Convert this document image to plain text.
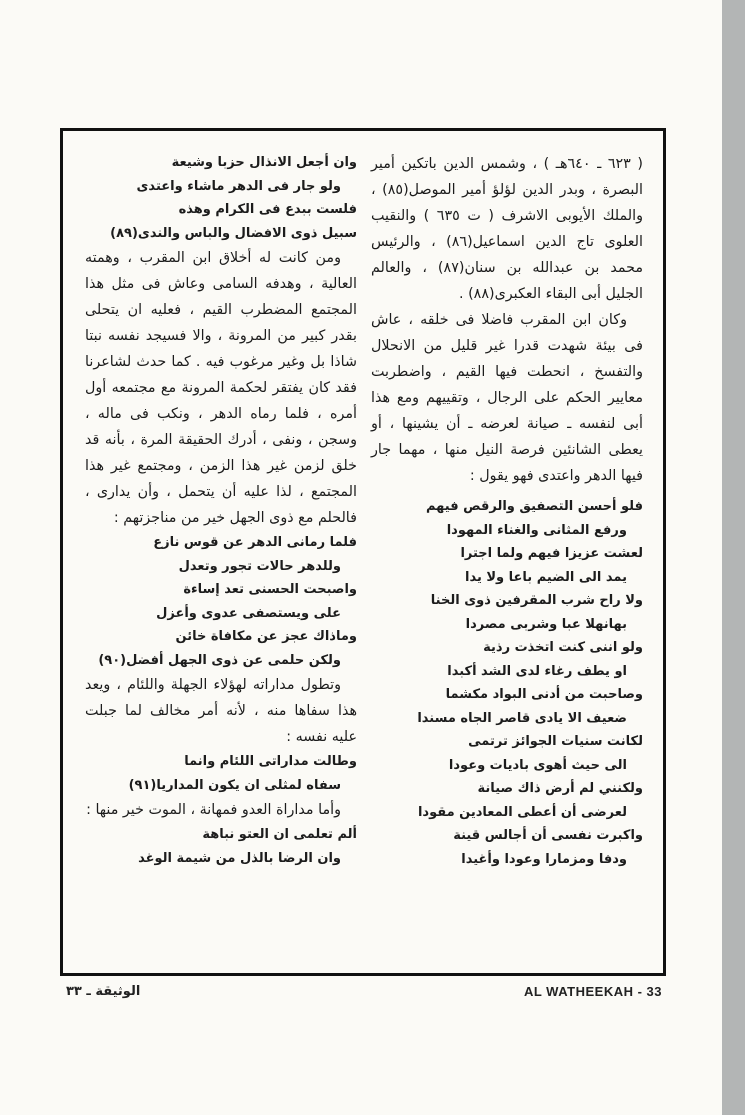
( ٦٢٣ ـ ٦٤٠هـ ) ، وشمس الدين باتكين أمير البصرة ، وبدر الدين لؤلؤ أمير الموصل(٨٥) ، والملك الأيوبى الاشرف ( ت ٦٣٥ ) والنقيب العلوى تاج الدين اسماعيل(٨٦) ، والرئيس محمد بن عبدالله بن سنان(٨٧) ، والعالم الجليل أبى البقاء العكبرى(٨٨) .

وكان ابن المقرب فاضلا فى خلقه ، عاش فى بيئة شهدت قدرا غير قليل من الانحلال والتفسخ ، انحطت فيها القيم ، واضطربت معايير الحكم على الرجال ، وتقييهم ومع هذا أبى لنفسه ـ صيانة لعرضه ـ أن يشينها ، أو يعطى الشانئين فرصة النيل منها ، مهما جار فيها الدهر واعتدى فهو يقول :

فلو أحسن التصفيق والرقص فيهم
ورفع المثانى والغناء المهودا
لعشت عزيزا فيهم ولما اجترا
يمد الى الضيم باعا ولا يدا
ولا راح شرب المقرفين ذوى الخنا
بهانهلا عبا وشربى مصردا
ولو اننى كنت اتخذت رذية
او يطف رغاء لدى الشد أكبدا
وصاحبت من أدنى البواد مكشما
ضعيف الا يادى قاصر الجاه مسندا
لكانت سنيات الجوائز ترتمى
الى حيث أهوى باديات وعودا
ولكنني لم أرض ذاك صيانة
لعرضى أن أعطى المعادين مقودا
واكبرت نفسى أن أجالس قينة
ودفا ومزمارا وعودا وأغيدا
وان أجعل الانذال حزبا وشيعة
ولو جار فى الدهر ماشاء واعتدى
فلست ببدع فى الكرام وهذه
سبيل ذوى الافضال والباس والندى(٨٩)

ومن كانت له أخلاق ابن المقرب ، وهمته العالية ، وهدفه السامى وعاش فى مثل هذا المجتمع المضطرب القيم ، فعليه ان يتحلى بقدر كبير من المرونة ، والا فسيجد نفسه نبتا شاذا بل وغير مرغوب فيه . كما حدث لشاعرنا فقد كان يفتقر لحكمة المرونة مع مجتمعه أول أمره ، فلما رماه الدهر ، ونكب فى ماله ، وسجن ، ونفى ، أدرك الحقيقة المرة ، بأنه قد خلق لزمن غير هذا الزمن ، ومجتمع غير هذا المجتمع ، لذا عليه أن يتحمل ، وأن يدارى ، فالحلم مع ذوى الجهل خير من مناجزتهم :

فلما رمانى الدهر عن قوس نازع
وللدهر حالات تجور وتعدل
واصبحت الحسنى تعد إساءة
على ويستصفى عدوى وأعزل
وماذاك عجز عن مكافاة خائن
ولكن حلمى عن ذوى الجهل أفضل(٩٠)

وتطول مداراته لهؤلاء الجهلة واللئام ، ويعد هذا سفاها منه ، لأنه أمر مخالف لما جبلت عليه نفسه :

وطالت مداراتى اللئام وانما
سفاه لمثلى ان يكون المداريا(٩١)

وأما مداراة العدو فمهانة ، الموت خير منها :

ألم تعلمى ان العتو نباهة
وان الرضا بالذل من شيمة الوغد
الوثيقة ـ ٣٣	AL WATHEEKAH - 33
